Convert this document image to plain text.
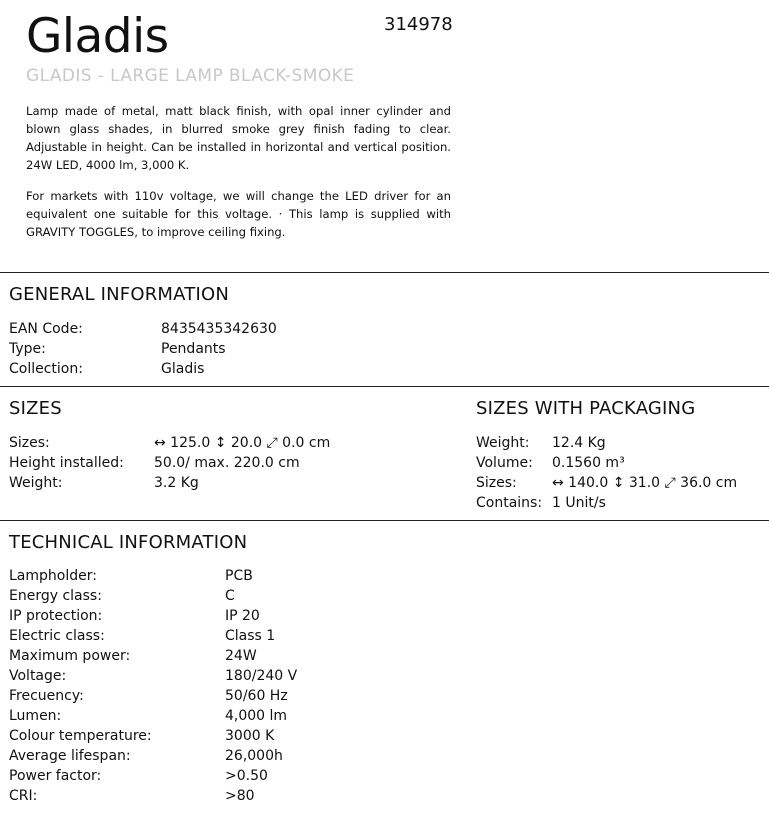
Gladis	314978
GLADIS - LARGE LAMP BLACK-SMOKE

Lamp made of metal, matt black finish, with opal inner cylinder and blown glass shades, in blurred smoke grey finish fading to clear. Adjustable in height. Can be installed in horizontal and vertical position. 24W LED, 4000 lm, 3,000 K.

For markets with 110v voltage, we will change the LED driver for an equivalent one suitable for this voltage. · This lamp is supplied with GRAVITY TOGGLES, to improve ceiling fixing.

GENERAL INFORMATION
EAN Code:	8435435342630
Type:	Pendants
Collection:	Gladis
SIZES
Sizes:	↔ 125.0 ↕ 20.0 ⤢ 0.0 cm
Height installed:	50.0/ max. 220.0 cm
Weight:	3.2 Kg
SIZES WITH PACKAGING
Weight:	12.4 Kg
Volume:	0.1560 m³
Sizes:	↔ 140.0 ↕ 31.0 ⤢ 36.0 cm
Contains: 1 Unit/s
TECHNICAL INFORMATION
Lampholder:	PCB
Energy class:	C
IP protection:	IP 20
Electric class:	Class 1
Maximum power:	24W
Voltage:	180/240 V
Frecuency:	50/60 Hz
Lumen:	4,000 lm
Colour temperature:	3000 K
Average lifespan:	26,000h
Power factor:	>0.50
CRI:	>80
